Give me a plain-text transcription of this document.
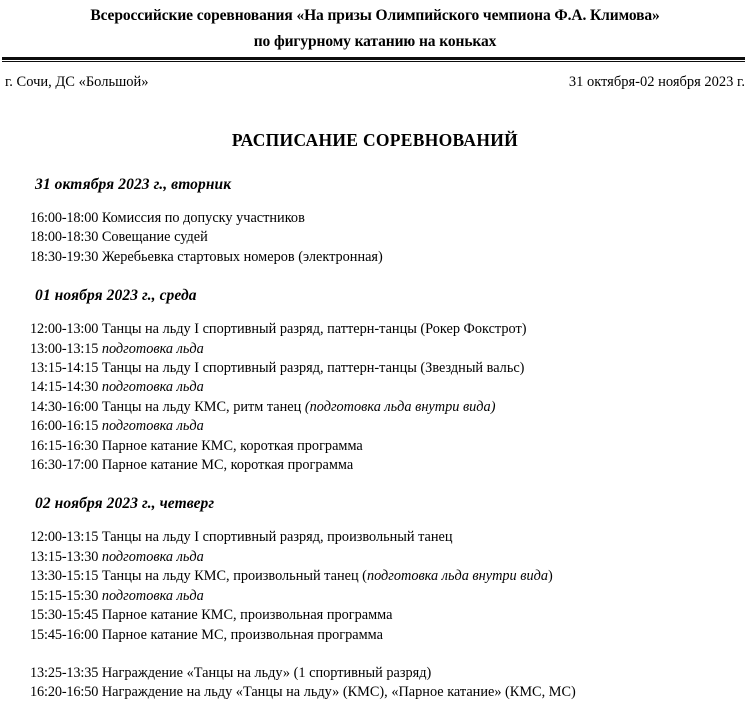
Всероссийские соревнования «На призы Олимпийского чемпиона Ф.А. Климова»
по фигурному катанию на коньках
г. Сочи, ДС «Большой»	31 октября-02 ноября 2023 г.
РАСПИСАНИЕ СОРЕВНОВАНИЙ
31 октября 2023 г., вторник
16:00-18:00 Комиссия по допуску участников
18:00-18:30 Совещание судей
18:30-19:30 Жеребьевка стартовых номеров (электронная)
01 ноября 2023 г., среда
12:00-13:00 Танцы на льду I спортивный разряд, паттерн-танцы (Рокер Фокстрот)
13:00-13:15 подготовка льда
13:15-14:15 Танцы на льду I спортивный разряд, паттерн-танцы (Звездный вальс)
14:15-14:30 подготовка льда
14:30-16:00 Танцы на льду КМС, ритм танец (подготовка льда внутри вида)
16:00-16:15 подготовка льда
16:15-16:30 Парное катание КМС, короткая программа
16:30-17:00 Парное катание МС, короткая программа
02 ноября 2023 г., четверг
12:00-13:15 Танцы на льду I спортивный разряд, произвольный танец
13:15-13:30 подготовка льда
13:30-15:15 Танцы на льду КМС, произвольный танец (подготовка льда внутри вида)
15:15-15:30 подготовка льда
15:30-15:45 Парное катание КМС, произвольная программа
15:45-16:00 Парное катание МС, произвольная программа
13:25-13:35 Награждение «Танцы на льду» (1 спортивный разряд)
16:20-16:50 Награждение на льду «Танцы на льду» (КМС), «Парное катание» (КМС, МС)
